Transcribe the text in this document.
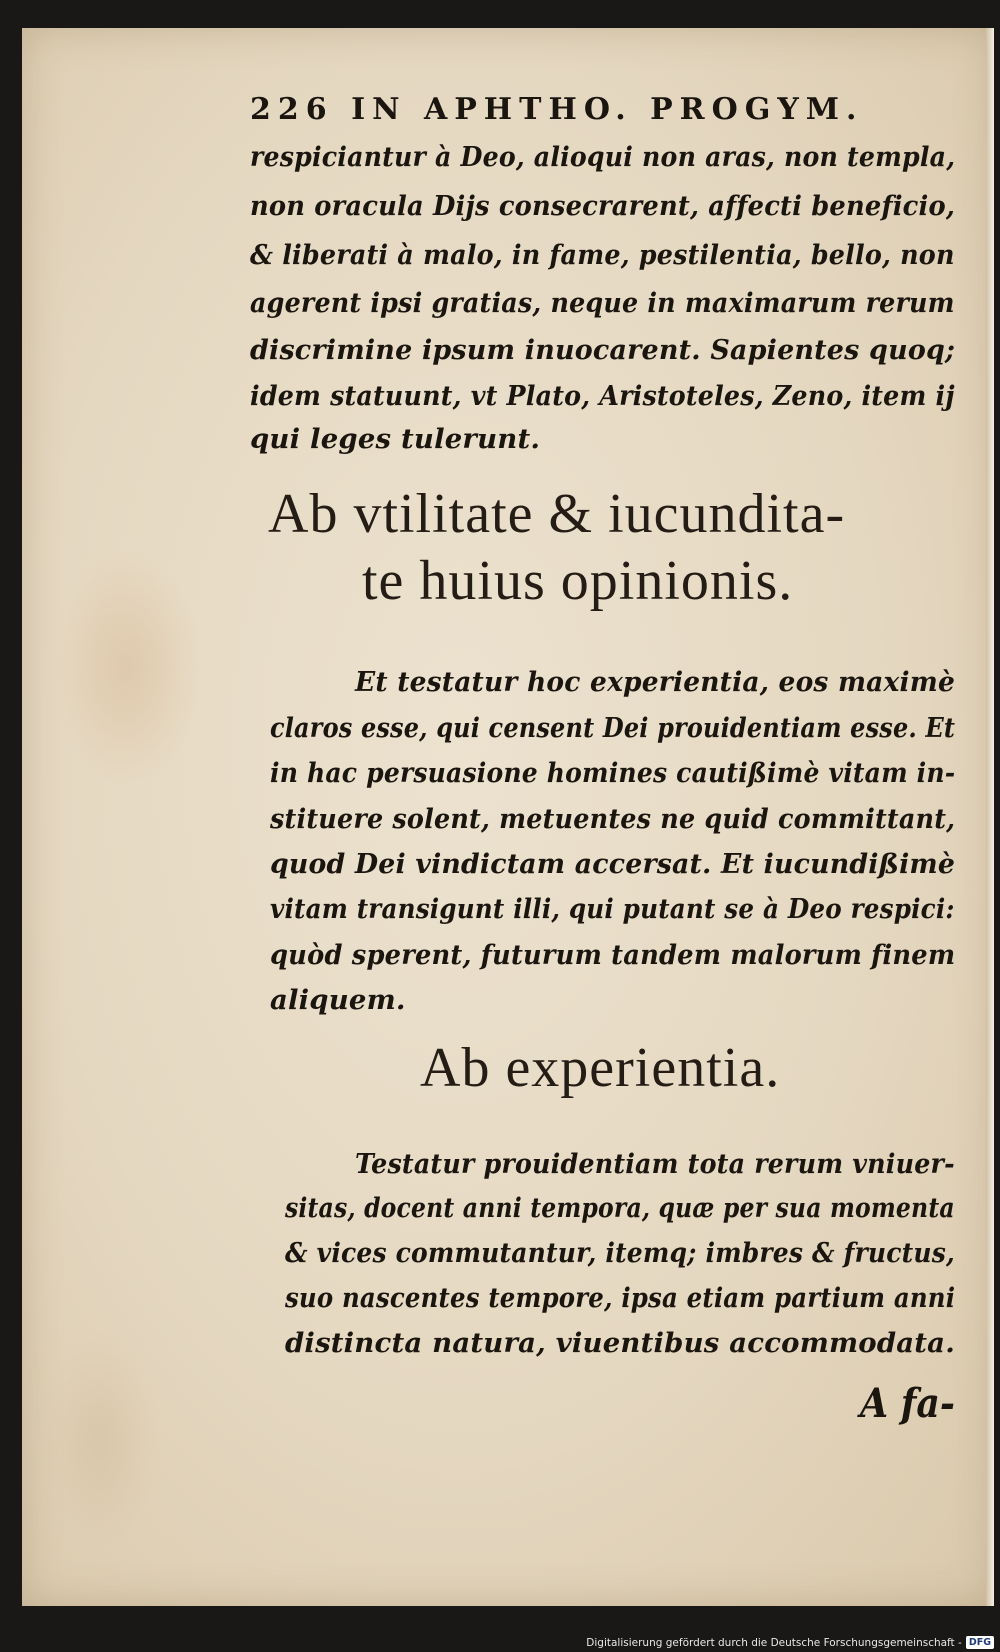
226 IN APHTHO. PROGYM.
respiciantur à Deo, alioqui non aras, non templa,
non oracula Dijs consecrarent, affecti beneficio,
& liberati à malo, in fame, pestilentia, bello, non
agerent ipsi gratias, neque in maximarum rerum
discrimine ipsum inuocarent. Sapientes quoq;
idem statuunt, vt Plato, Aristoteles, Zeno, item ij
qui leges tulerunt.
Ab vtilitate & iucundita-
te huius opinionis.
Et testatur hoc experientia, eos maximè
claros esse, qui censent Dei prouidentiam esse. Et
in hac persuasione homines cautißimè vitam in-
stituere solent, metuentes ne quid committant,
quod Dei vindictam accersat. Et iucundißimè
vitam transigunt illi, qui putant se à Deo respici:
quòd sperent, futurum tandem malorum finem
aliquem.
Ab experientia.
Testatur prouidentiam tota rerum vniuer-
sitas, docent anni tempora, quæ per sua momenta
& vices commutantur, itemq; imbres & fructus,
suo nascentes tempore, ipsa etiam partium anni
distincta natura, viuentibus accommodata.
A fa-
Digitalisierung gefördert durch die Deutsche Forschungsgemeinschaft - DFG
